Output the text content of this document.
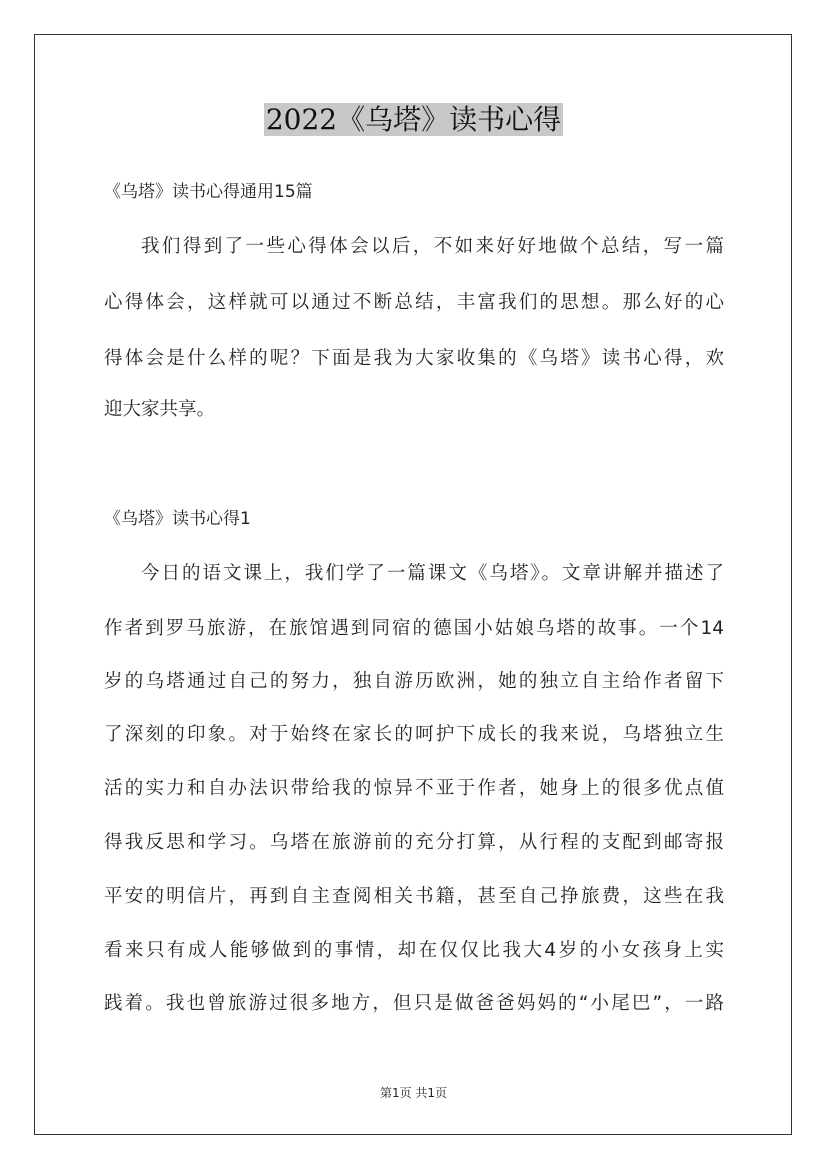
2022《乌塔》读书心得
《乌塔》读书心得通用15篇
我们得到了一些心得体会以后，不如来好好地做个总结，写一篇
心得体会，这样就可以通过不断总结，丰富我们的思想。那么好的心
得体会是什么样的呢？下面是我为大家收集的《乌塔》读书心得，欢
迎大家共享。
《乌塔》读书心得1
今日的语文课上，我们学了一篇课文《乌塔》。文章讲解并描述了
作者到罗马旅游，在旅馆遇到同宿的德国小姑娘乌塔的故事。一个14
岁的乌塔通过自己的努力，独自游历欧洲，她的独立自主给作者留下
了深刻的印象。对于始终在家长的呵护下成长的我来说，乌塔独立生
活的实力和自办法识带给我的惊异不亚于作者，她身上的很多优点值
得我反思和学习。乌塔在旅游前的充分打算，从行程的支配到邮寄报
平安的明信片，再到自主查阅相关书籍，甚至自己挣旅费，这些在我
看来只有成人能够做到的事情，却在仅仅比我大4岁的小女孩身上实
践着。我也曾旅游过很多地方，但只是做爸爸妈妈的“小尾巴”，一路
第1页 共1页
